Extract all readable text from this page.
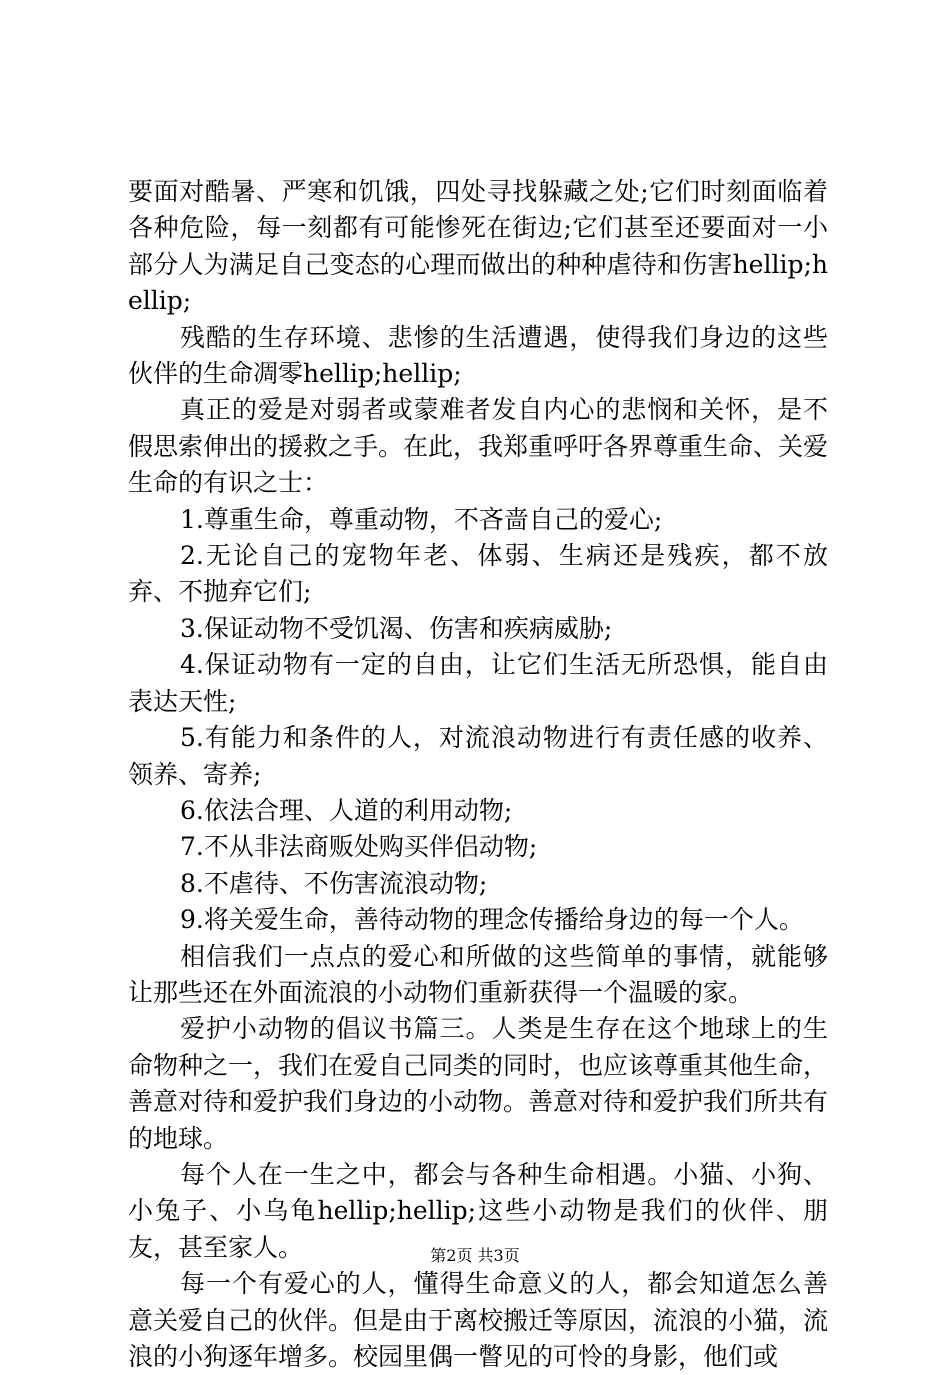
要面对酷暑、严寒和饥饿，四处寻找躲藏之处;它们时刻面临着各种危险，每一刻都有可能惨死在街边;它们甚至还要面对一小部分人为满足自己变态的心理而做出的种种虐待和伤害hellip;hellip;

残酷的生存环境、悲惨的生活遭遇，使得我们身边的这些伙伴的生命凋零hellip;hellip;

真正的爱是对弱者或蒙难者发自内心的悲悯和关怀，是不假思索伸出的援救之手。在此，我郑重呼吁各界尊重生命、关爱生命的有识之士：

1.尊重生命，尊重动物，不吝啬自己的爱心;

2.无论自己的宠物年老、体弱、生病还是残疾，都不放弃、不抛弃它们;

3.保证动物不受饥渴、伤害和疾病威胁;

4.保证动物有一定的自由，让它们生活无所恐惧，能自由表达天性;

5.有能力和条件的人，对流浪动物进行有责任感的收养、领养、寄养;

6.依法合理、人道的利用动物;

7.不从非法商贩处购买伴侣动物;

8.不虐待、不伤害流浪动物;

9.将关爱生命，善待动物的理念传播给身边的每一个人。

相信我们一点点的爱心和所做的这些简单的事情，就能够让那些还在外面流浪的小动物们重新获得一个温暖的家。

爱护小动物的倡议书篇三。人类是生存在这个地球上的生命物种之一，我们在爱自己同类的同时，也应该尊重其他生命，善意对待和爱护我们身边的小动物。善意对待和爱护我们所共有的地球。

每个人在一生之中，都会与各种生命相遇。小猫、小狗、小兔子、小乌龟hellip;hellip;这些小动物是我们的伙伴、朋友，甚至家人。

每一个有爱心的人，懂得生命意义的人，都会知道怎么善意关爱自己的伙伴。但是由于离校搬迁等原因，流浪的小猫，流浪的小狗逐年增多。校园里偶一瞥见的可怜的身影，他们或

第2页 共3页
